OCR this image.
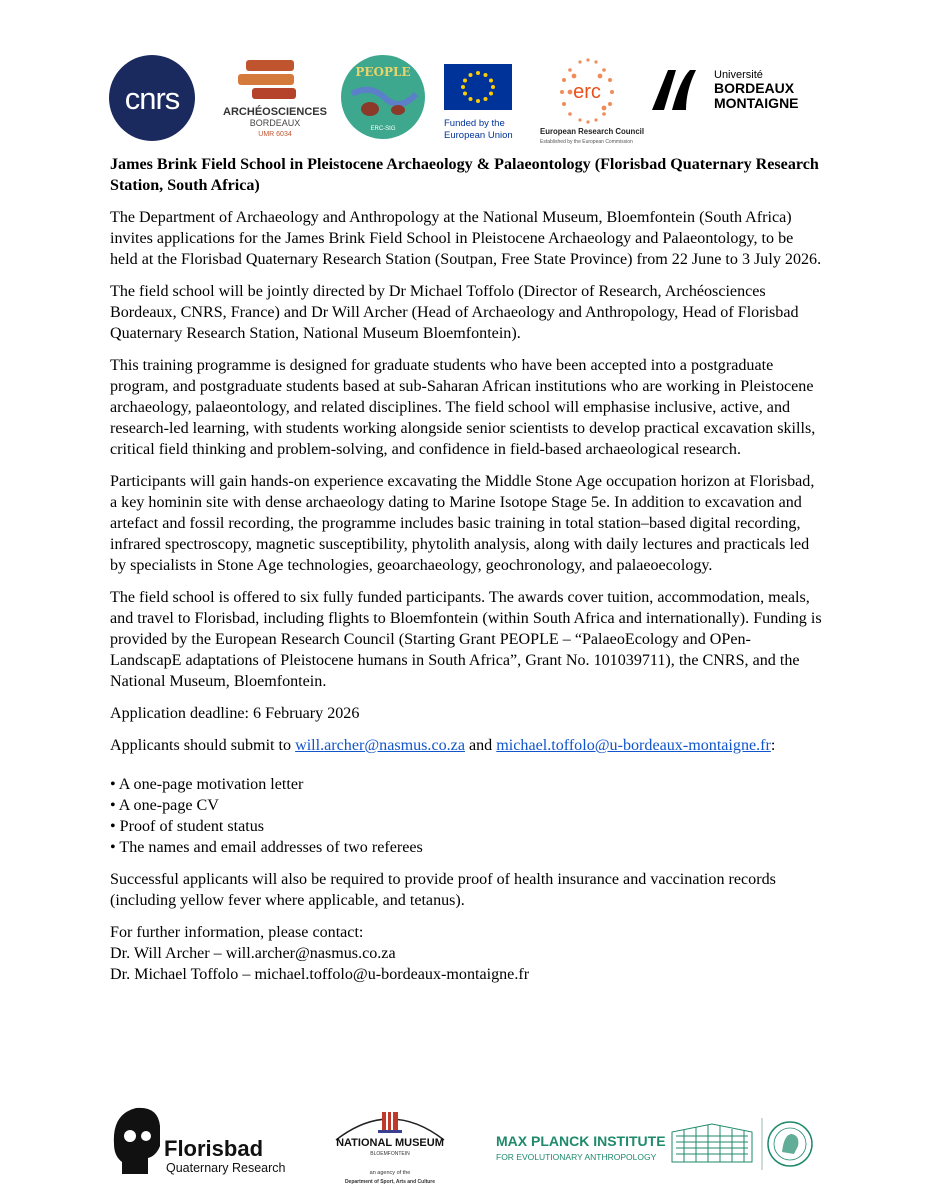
cnrs	ARCHÉOSCIENCES
BORDEAUX
UMR 6034
PEOPLE
ERC-StG	Funded by the
European Union
erc
European Research Council
Established by the European Commission
Université
BORDEAUX
MONTAIGNE

James Brink Field School in Pleistocene Archaeology & Palaeontology (Florisbad Quaternary Research Station, South Africa)

The Department of Archaeology and Anthropology at the National Museum, Bloemfontein (South Africa) invites applications for the James Brink Field School in Pleistocene Archaeology and Palaeontology, to be held at the Florisbad Quaternary Research Station (Soutpan, Free State Province) from 22 June to 3 July 2026.

The field school will be jointly directed by Dr Michael Toffolo (Director of Research, Archéosciences Bordeaux, CNRS, France) and Dr Will Archer (Head of Archaeology and Anthropology, Head of Florisbad Quaternary Research Station, National Museum Bloemfontein).

This training programme is designed for graduate students who have been accepted into a postgraduate program, and postgraduate students based at sub-Saharan African institutions who are working in Pleistocene archaeology, palaeontology, and related disciplines. The field school will emphasise inclusive, active, and research-led learning, with students working alongside senior scientists to develop practical excavation skills, critical field thinking and problem-solving, and confidence in field-based archaeological research.

Participants will gain hands-on experience excavating the Middle Stone Age occupation horizon at Florisbad, a key hominin site with dense archaeology dating to Marine Isotope Stage 5e. In addition to excavation and artefact and fossil recording, the programme includes basic training in total station–based digital recording, infrared spectroscopy, magnetic susceptibility, phytolith analysis, along with daily lectures and practicals led by specialists in Stone Age technologies, geoarchaeology, geochronology, and palaeoecology.

The field school is offered to six fully funded participants. The awards cover tuition, accommodation, meals, and travel to Florisbad, including flights to Bloemfontein (within South Africa and internationally). Funding is provided by the European Research Council (Starting Grant PEOPLE – “PalaeoEcology and OPen-LandscapE adaptations of Pleistocene humans in South Africa”, Grant No. 101039711), the CNRS, and the National Museum, Bloemfontein.

Application deadline: 6 February 2026

Applicants should submit to will.archer@nasmus.co.za and michael.toffolo@u-bordeaux-montaigne.fr:

• A one-page motivation letter
• A one-page CV
• Proof of student status
• The names and email addresses of two referees

Successful applicants will also be required to provide proof of health insurance and vaccination records (including yellow fever where applicable, and tetanus).

For further information, please contact:
Dr. Will Archer – will.archer@nasmus.co.za
Dr. Michael Toffolo – michael.toffolo@u-bordeaux-montaigne.fr
Florisbad
Quaternary Research
NATIONAL MUSEUM
BLOEMFONTEIN
an agency of the
Department of Sport, Arts and Culture
MAX PLANCK INSTITUTE
FOR EVOLUTIONARY ANTHROPOLOGY
